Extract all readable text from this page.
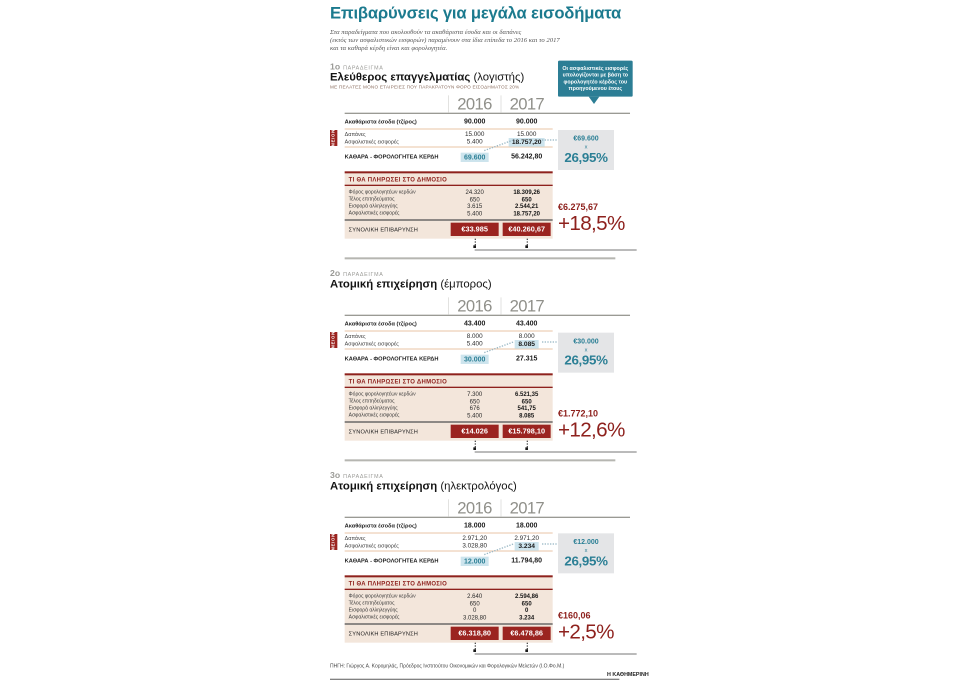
Επιβαρύνσεις για μεγάλα εισοδήματα
Στα παραδείγματα που ακολουθούν τα ακαθάριστα έσοδα και οι δαπάνες
(εκτός των ασφαλιστικών εισφορών) παραμένουν στα ίδια επίπεδα το 2016 και το 2017
και τα καθαρά κέρδη είναι και φορολογητέα.
1ο ΠΑΡΑΔΕΙΓΜΑ
Ελεύθερος επαγγελματίας (λογιστής)
ΜΕ ΠΕΛΑΤΕΣ ΜΟΝΟ ΕΤΑΙΡΕΙΕΣ ΠΟΥ ΠΑΡΑΚΡΑΤΟΥΝ ΦΟΡΟ ΕΙΣΟΔΗΜΑΤΟΣ 20%
2016 2017
Ακαθάριστα έσοδα (τζίρος)	90.000	90.000
ΜΕΙΟΝ Δαπάνες	15.000	15.000
Ασφαλιστικές εισφορές	5.400	18.757,20
ΚΑΘΑΡΑ - ΦΟΡΟΛΟΓΗΤΕΑ ΚΕΡΔΗ	69.600	56.242,80
ΤΙ ΘΑ ΠΛΗΡΩΣΕΙ ΣΤΟ ΔΗΜΟΣΙΟ
Φόρος φορολογητέων κερδών	24.320	18.309,26
Τέλος επιτηδεύματος	650	650
Εισφορά αλληλεγγύης	3.615	2.544,21
Ασφαλιστικές εισφορές	5.400	18.757,20
ΣΥΝΟΛΙΚΗ ΕΠΙΒΑΡΥΝΣΗ	€33.985	€40.260,67
Οι ασφαλιστικές εισφορές υπολογίζονται με βάση το φορολογητέο κέρδος του προηγούμενου έτους
€69.600
x
26,95%
€6.275,67
+18,5%
2ο ΠΑΡΑΔΕΙΓΜΑ
Ατομική επιχείρηση (έμπορος)
2016 2017
Ακαθάριστα έσοδα (τζίρος)	43.400	43.400
ΜΕΙΟΝ Δαπάνες	8.000	8.000
Ασφαλιστικές εισφορές	5.400	8.085
ΚΑΘΑΡΑ - ΦΟΡΟΛΟΓΗΤΕΑ ΚΕΡΔΗ	30.000	27.315
ΤΙ ΘΑ ΠΛΗΡΩΣΕΙ ΣΤΟ ΔΗΜΟΣΙΟ
Φόρος φορολογητέων κερδών	7.300	6.521,35
Τέλος επιτηδεύματος	650	650
Εισφορά αλληλεγγύης	676	541,75
Ασφαλιστικές εισφορές	5.400	8.085
ΣΥΝΟΛΙΚΗ ΕΠΙΒΑΡΥΝΣΗ	€14.026	€15.798,10
€30.000
x
26,95%
€1.772,10
+12,6%
3ο ΠΑΡΑΔΕΙΓΜΑ
Ατομική επιχείρηση (ηλεκτρολόγος)
2016 2017
Ακαθάριστα έσοδα (τζίρος)	18.000	18.000
ΜΕΙΟΝ Δαπάνες	2.971,20	2.971,20
Ασφαλιστικές εισφορές	3.028,80	3.234
ΚΑΘΑΡΑ - ΦΟΡΟΛΟΓΗΤΕΑ ΚΕΡΔΗ	12.000	11.794,80
ΤΙ ΘΑ ΠΛΗΡΩΣΕΙ ΣΤΟ ΔΗΜΟΣΙΟ
Φόρος φορολογητέων κερδών	2.640	2.594,86
Τέλος επιτηδεύματος	650	650
Εισφορά αλληλεγγύης	0	0
Ασφαλιστικές εισφορές	3.028,80	3.234
ΣΥΝΟΛΙΚΗ ΕΠΙΒΑΡΥΝΣΗ	€6.318,80	€6.478,86
€12.000
x
26,95%
€160,06
+2,5%
ΠΗΓΗ: Γιώργος Α. Κορομηλάς, Πρόεδρος Ινστιτούτου Οικονομικών και Φορολογικών Μελετών (Ι.Ο.Φο.Μ.)
Η ΚΑΘΗΜΕΡΙΝΗ
